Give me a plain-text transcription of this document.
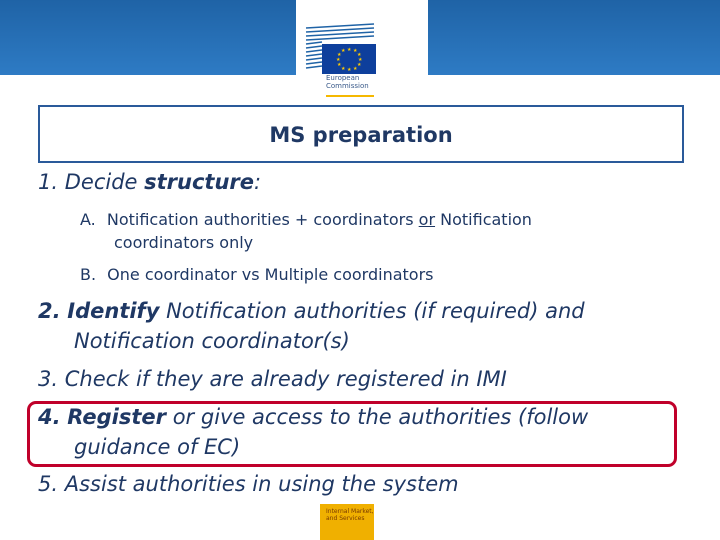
★ ★
★
★
★
★
★
★
★
★
★
★
European
Commission
MS preparation
1. Decide structure:
A. Notification authorities + coordinators or Notification
coordinators only
B. One coordinator vs Multiple coordinators
2. Identify Notification authorities (if required) and
Notification coordinator(s)
3. Check if they are already registered in IMI
4. Register or give access to the authorities (follow
guidance of EC)
5. Assist authorities in using the system
Internal Market,
and Services
